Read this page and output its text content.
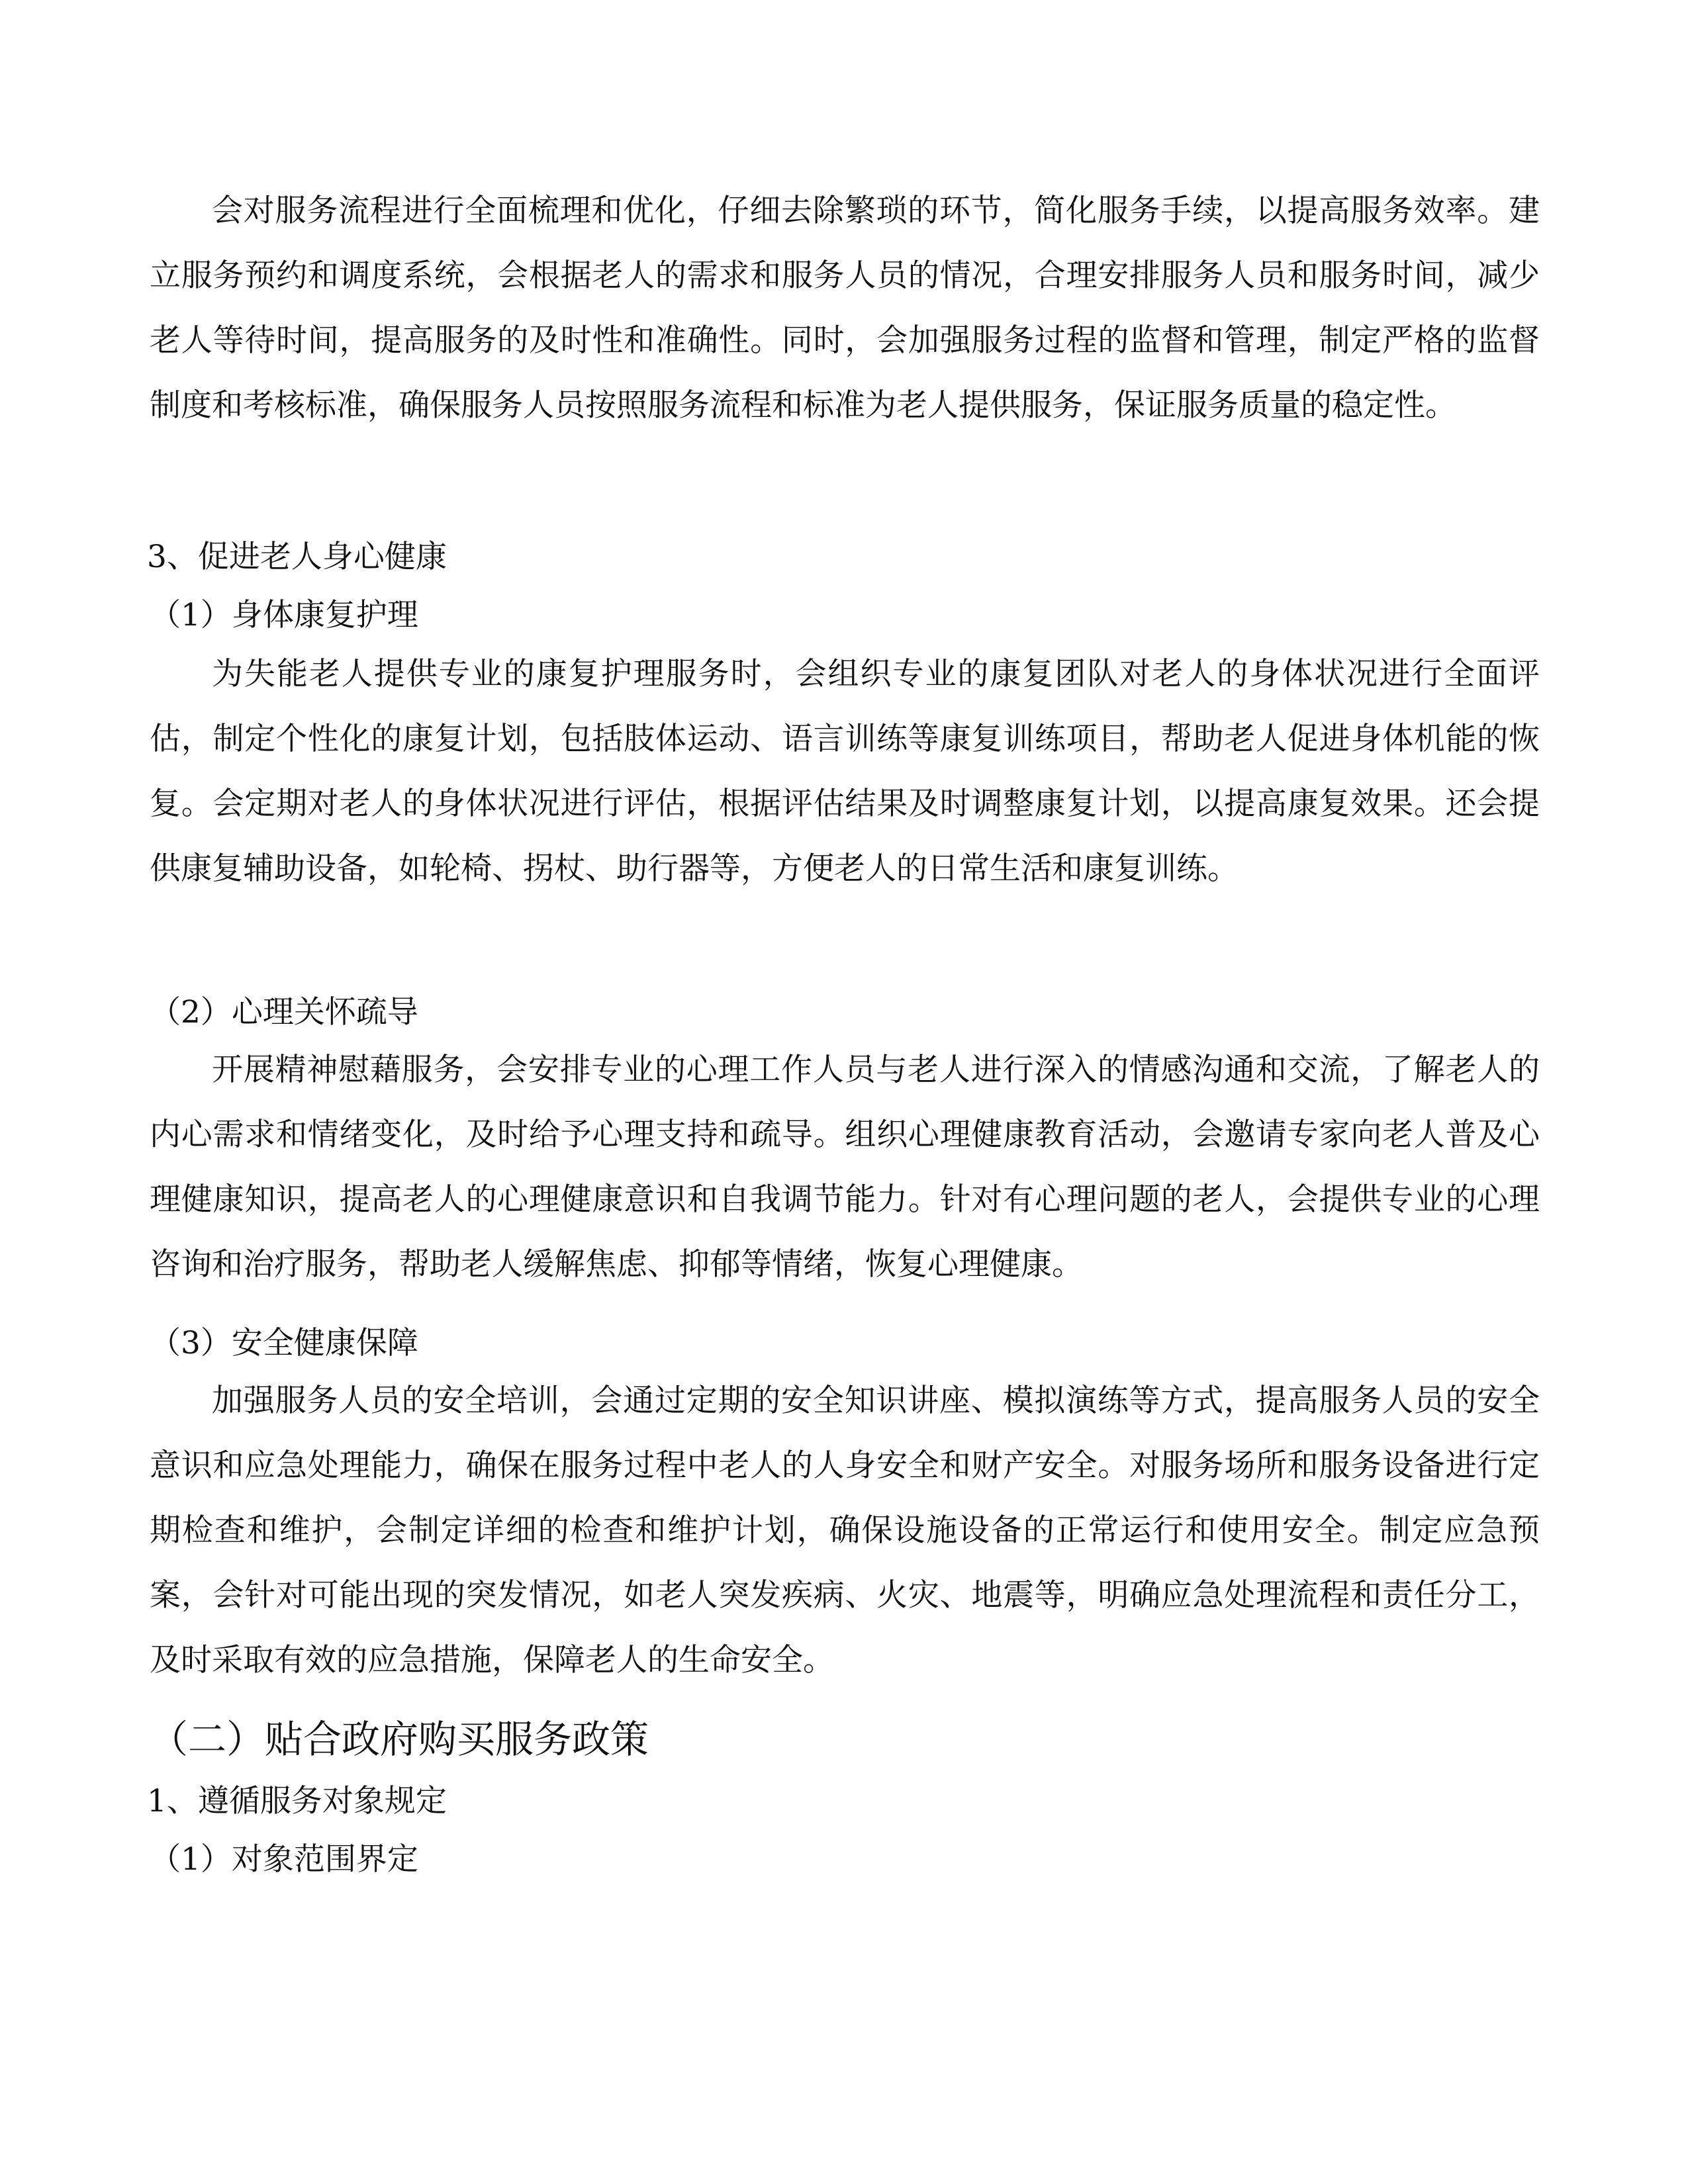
会对服务流程进行全面梳理和优化，仔细去除繁琐的环节，简化服务手续，以提高服务效率。建立服务预约和调度系统，会根据老人的需求和服务人员的情况，合理安排服务人员和服务时间，减少老人等待时间，提高服务的及时性和准确性。同时，会加强服务过程的监督和管理，制定严格的监督制度和考核标准，确保服务人员按照服务流程和标准为老人提供服务，保证服务质量的稳定性。

3、促进老人身心健康
（1）身体康复护理

为失能老人提供专业的康复护理服务时，会组织专业的康复团队对老人的身体状况进行全面评估，制定个性化的康复计划，包括肢体运动、语言训练等康复训练项目，帮助老人促进身体机能的恢复。会定期对老人的身体状况进行评估，根据评估结果及时调整康复计划，以提高康复效果。还会提供康复辅助设备，如轮椅、拐杖、助行器等，方便老人的日常生活和康复训练。

（2）心理关怀疏导

开展精神慰藉服务，会安排专业的心理工作人员与老人进行深入的情感沟通和交流，了解老人的内心需求和情绪变化，及时给予心理支持和疏导。组织心理健康教育活动，会邀请专家向老人普及心理健康知识，提高老人的心理健康意识和自我调节能力。针对有心理问题的老人，会提供专业的心理咨询和治疗服务，帮助老人缓解焦虑、抑郁等情绪，恢复心理健康。

（3）安全健康保障

加强服务人员的安全培训，会通过定期的安全知识讲座、模拟演练等方式，提高服务人员的安全意识和应急处理能力，确保在服务过程中老人的人身安全和财产安全。对服务场所和服务设备进行定期检查和维护，会制定详细的检查和维护计划，确保设施设备的正常运行和使用安全。制定应急预案，会针对可能出现的突发情况，如老人突发疾病、火灾、地震等，明确应急处理流程和责任分工，及时采取有效的应急措施，保障老人的生命安全。

（二）贴合政府购买服务政策
1、遵循服务对象规定
（1）对象范围界定
